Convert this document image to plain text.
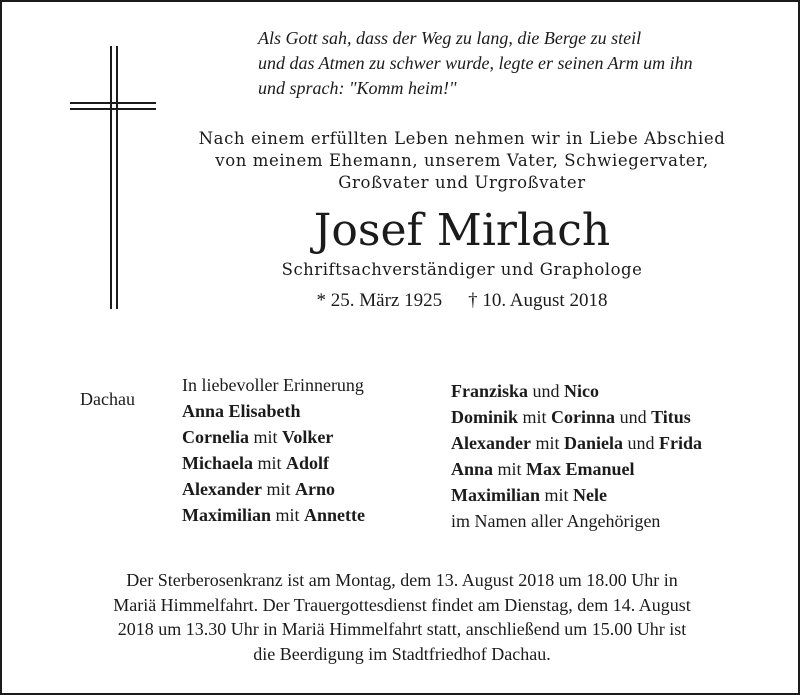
Als Gott sah, dass der Weg zu lang, die Berge zu steil
und das Atmen zu schwer wurde, legte er seinen Arm um ihn
und sprach: "Komm heim!"
Nach einem erfüllten Leben nehmen wir in Liebe Abschied
von meinem Ehemann, unserem Vater, Schwiegervater,
Großvater und Urgroßvater
Josef Mirlach
Schriftsachverständiger und Graphologe
* 25. März 1925 † 10. August 2018
Dachau
In liebevoller Erinnerung
Anna Elisabeth
Cornelia mit Volker
Michaela mit Adolf
Alexander mit Arno
Maximilian mit Annette
Franziska und Nico
Dominik mit Corinna und Titus
Alexander mit Daniela und Frida
Anna mit Max Emanuel
Maximilian mit Nele
im Namen aller Angehörigen
Der Sterberosenkranz ist am Montag, dem 13. August 2018 um 18.00 Uhr in
Mariä Himmelfahrt. Der Trauergottesdienst findet am Dienstag, dem 14. August
2018 um 13.30 Uhr in Mariä Himmelfahrt statt, anschließend um 15.00 Uhr ist
die Beerdigung im Stadtfriedhof Dachau.
